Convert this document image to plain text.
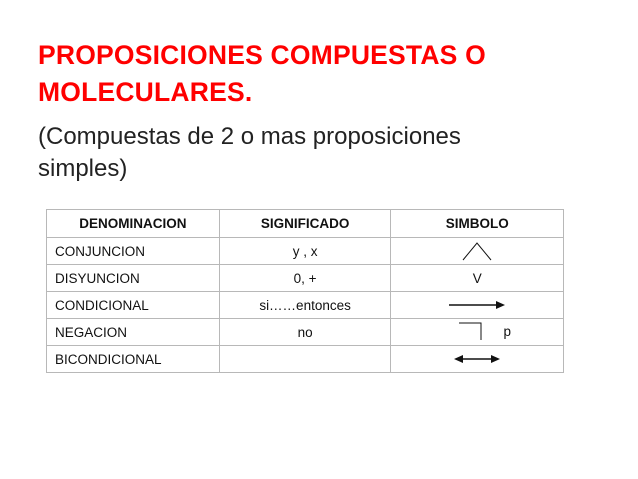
PROPOSICIONES COMPUESTAS O
MOLECULARES.

(Compuestas de 2 o mas proposiciones
simples)

DENOMINACION	SIGNIFICADO	SIMBOLO
CONJUNCION	y , x	

DISYUNCION	0, +	V
CONDICIONAL	si……entonces	

NEGACION	no	p

BICONDICIONAL		
